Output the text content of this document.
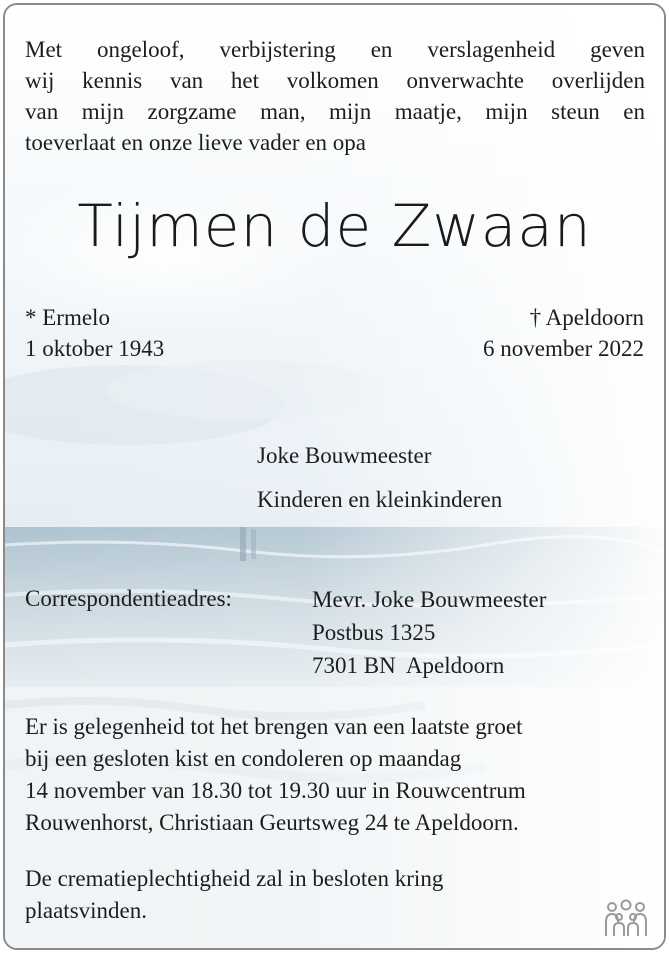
Met ongeloof, verbijstering en verslagenheid geven
wij kennis van het volkomen onverwachte overlijden
van mijn zorgzame man, mijn maatje, mijn steun en
toeverlaat en onze lieve vader en opa
Tijmen de Zwaan
* Ermelo
1 oktober 1943
† Apeldoorn
6 november 2022
Joke Bouwmeester
Kinderen en kleinkinderen
Correspondentieadres:	Mevr. Joke Bouwmeester
Postbus 1325
7301 BN  Apeldoorn
Er is gelegenheid tot het brengen van een laatste groet
bij een gesloten kist en condoleren op maandag
14 november van 18.30 tot 19.30 uur in Rouwcentrum
Rouwenhorst, Christiaan Geurtsweg 24 te Apeldoorn.
De crematieplechtigheid zal in besloten kring
plaatsvinden.
